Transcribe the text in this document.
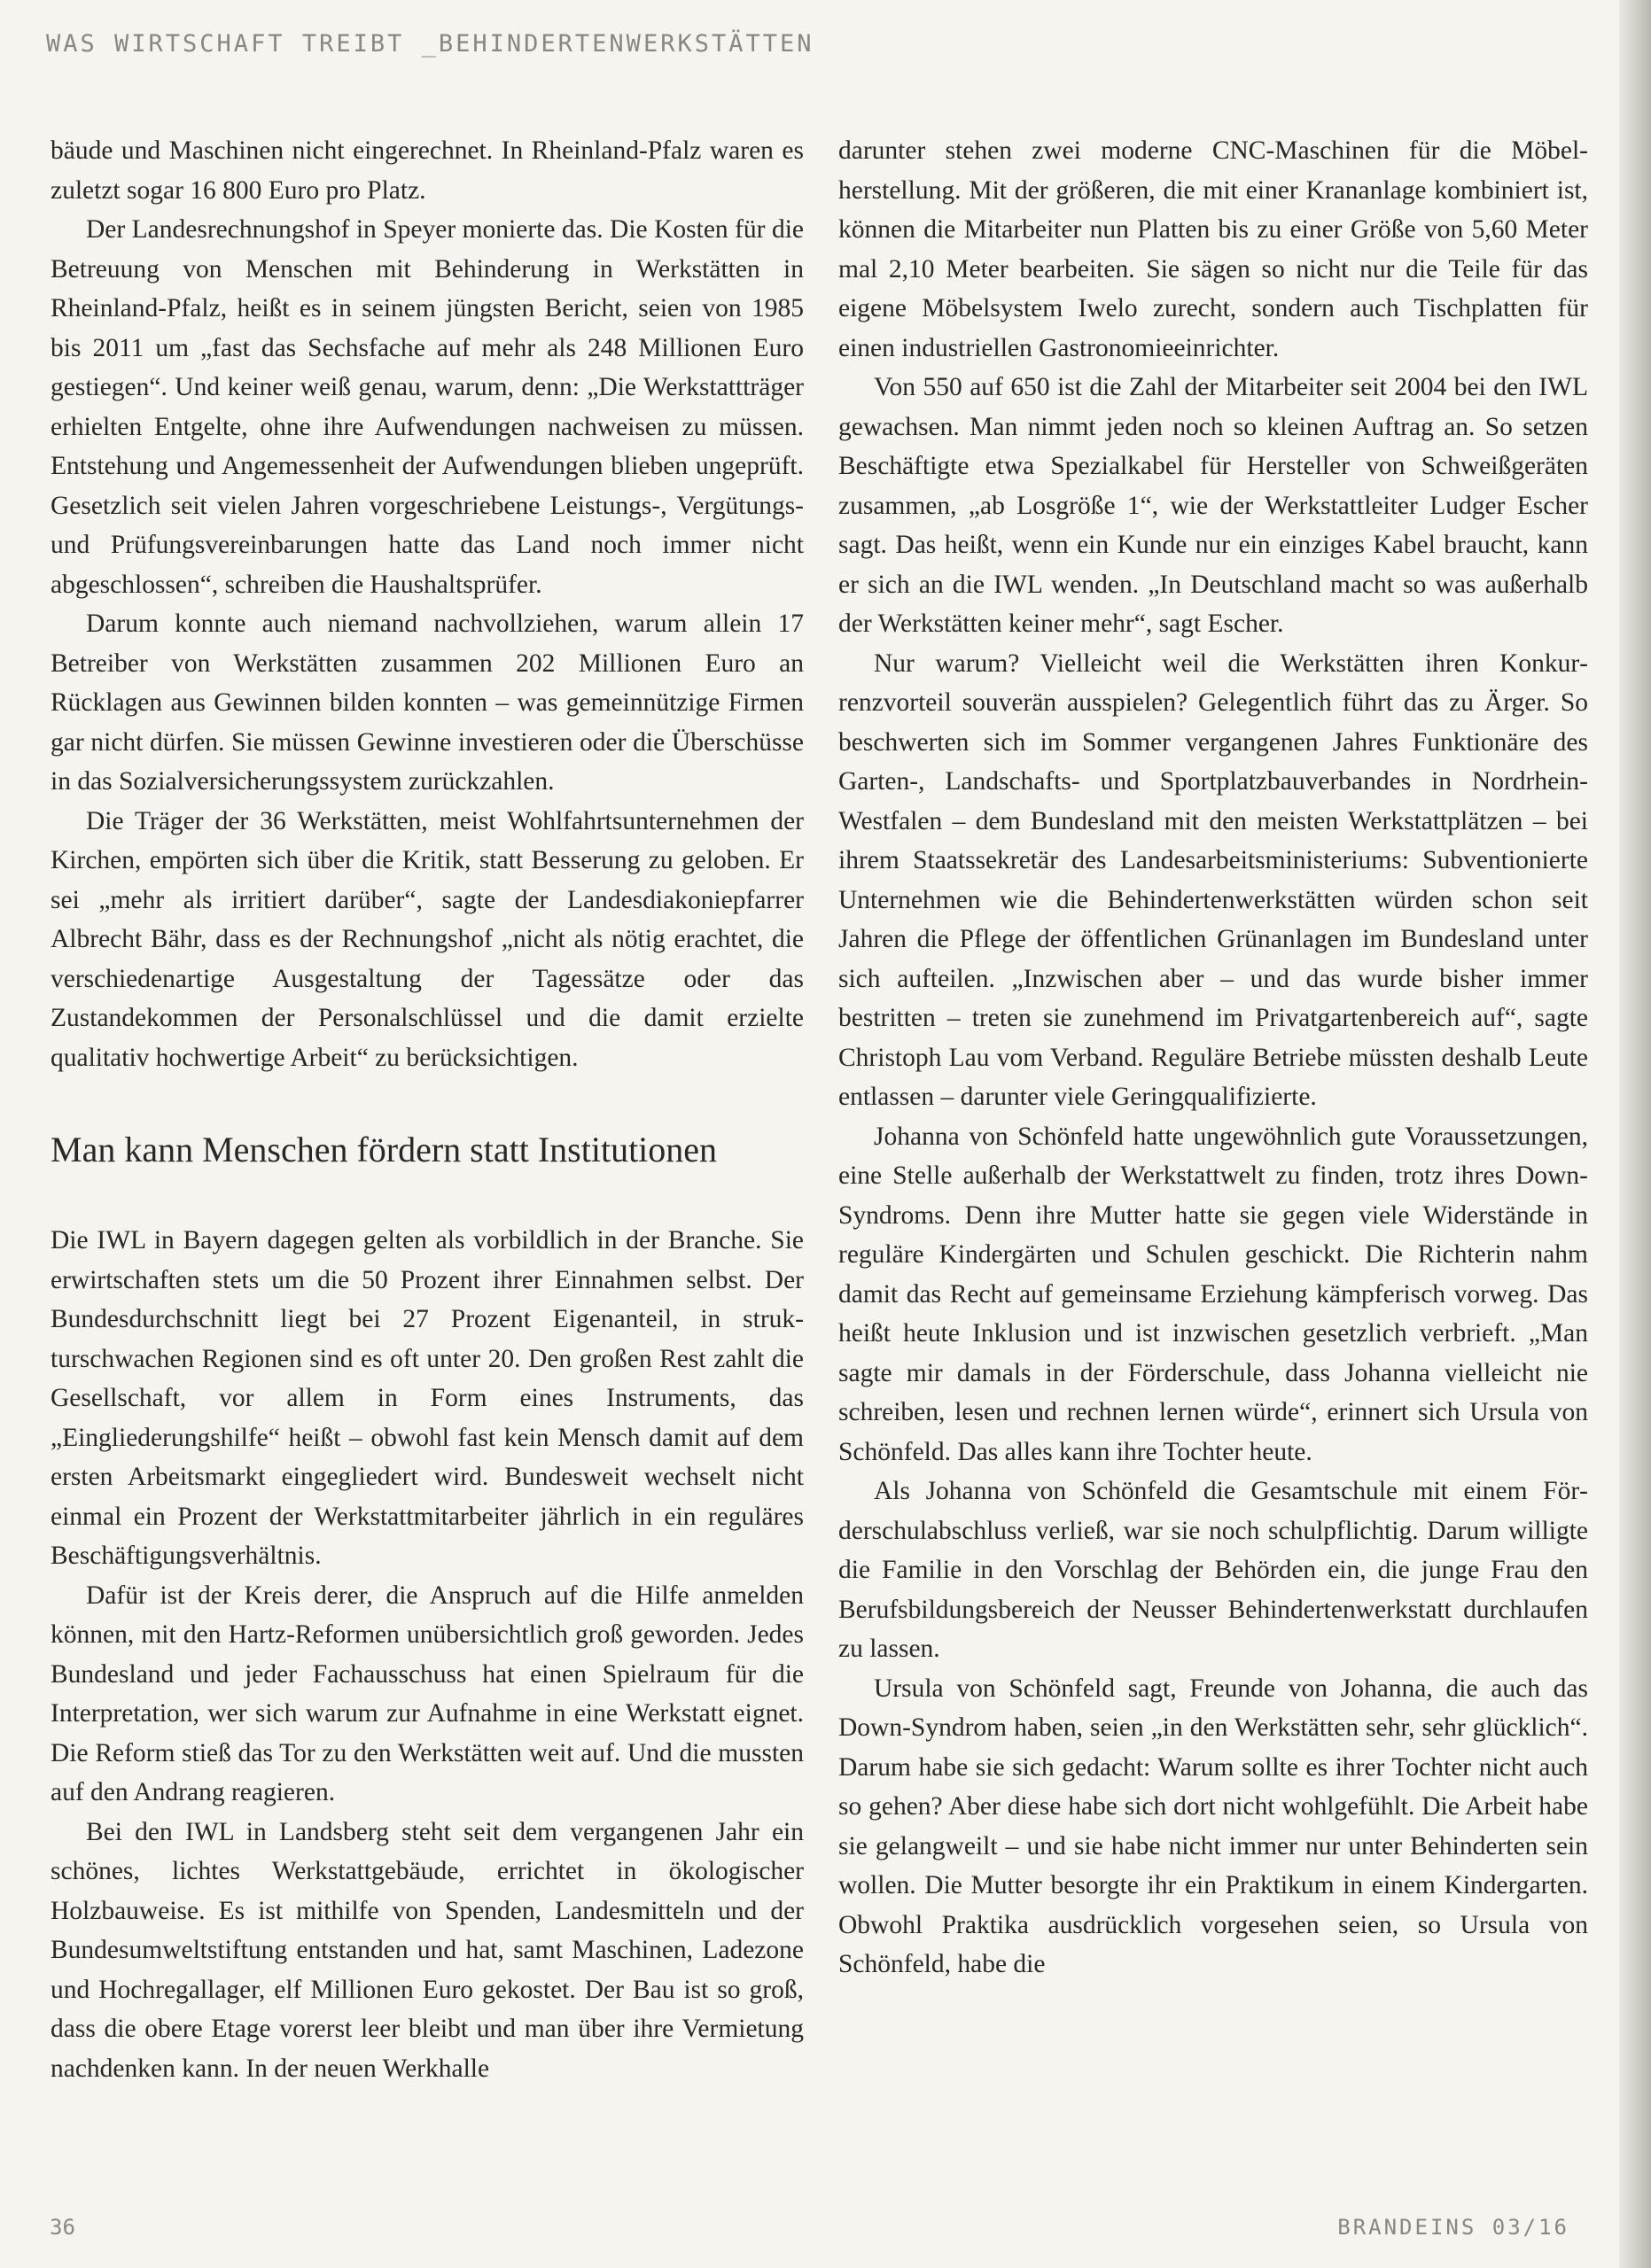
WAS WIRTSCHAFT TREIBT _BEHINDERTENWERKSTÄTTEN

bäude und Maschinen nicht eingerechnet. In Rheinland-Pfalz waren es zuletzt sogar 16 800 Euro pro Platz.

Der Landesrechnungshof in Speyer monierte das. Die Kosten für die Betreuung von Menschen mit Behinderung in Werkstätten in Rheinland-Pfalz, heißt es in seinem jüngsten Bericht, seien von 1985 bis 2011 um „fast das Sechsfache auf mehr als 248 Millionen Euro gestiegen“. Und keiner weiß genau, warum, denn: „Die Werkstattträger erhielten Entgelte, ohne ihre Aufwendungen nachweisen zu müssen. Entstehung und Angemessenheit der Aufwendungen blieben ungeprüft. Gesetzlich seit vielen Jahren vorgeschriebene Leistungs-, Vergütungs- und Prüfungsvereinbarungen hatte das Land noch immer nicht abgeschlossen“, schreiben die Haushaltsprüfer.

Darum konnte auch niemand nachvollziehen, warum allein 17 Betreiber von Werkstätten zusammen 202 Millionen Euro an Rücklagen aus Gewinnen bilden konnten – was gemeinnützige Firmen gar nicht dürfen. Sie müssen Gewinne investieren oder die Überschüsse in das Sozialversicherungssystem zurückzahlen.

Die Träger der 36 Werkstätten, meist Wohlfahrtsunternehmen der Kirchen, empörten sich über die Kritik, statt Besserung zu geloben. Er sei „mehr als irritiert darüber“, sagte der Landesdiakoniepfarrer Albrecht Bähr, dass es der Rechnungshof „nicht als nötig erachtet, die verschiedenartige Ausgestaltung der Tagessätze oder das Zustandekommen der Personalschlüssel und die damit erzielte qualitativ hochwertige Arbeit“ zu berücksichtigen.

Man kann Menschen fördern statt Institutionen

Die IWL in Bayern dagegen gelten als vorbildlich in der Branche. Sie erwirtschaften stets um die 50 Prozent ihrer Einnahmen selbst. Der Bundesdurchschnitt liegt bei 27 Prozent Eigenanteil, in strukturschwachen Regionen sind es oft unter 20. Den großen Rest zahlt die Gesellschaft, vor allem in Form eines Instruments, das „Eingliederungshilfe“ heißt – obwohl fast kein Mensch damit auf dem ersten Arbeitsmarkt eingegliedert wird. Bundesweit wechselt nicht einmal ein Prozent der Werkstattmitarbeiter jährlich in ein reguläres Beschäftigungsverhältnis.

Dafür ist der Kreis derer, die Anspruch auf die Hilfe anmelden können, mit den Hartz-Reformen unübersichtlich groß geworden. Jedes Bundesland und jeder Fachausschuss hat einen Spielraum für die Interpretation, wer sich warum zur Aufnahme in eine Werkstatt eignet. Die Reform stieß das Tor zu den Werkstätten weit auf. Und die mussten auf den Andrang reagieren.

Bei den IWL in Landsberg steht seit dem vergangenen Jahr ein schönes, lichtes Werkstattgebäude, errichtet in ökologischer Holzbauweise. Es ist mithilfe von Spenden, Landesmitteln und der Bundesumweltstiftung entstanden und hat, samt Maschinen, Ladezone und Hochregallager, elf Millionen Euro gekostet. Der Bau ist so groß, dass die obere Etage vorerst leer bleibt und man über ihre Vermietung nachdenken kann. In der neuen Werkhalle

darunter stehen zwei moderne CNC-Maschinen für die Möbelherstellung. Mit der größeren, die mit einer Krananlage kombiniert ist, können die Mitarbeiter nun Platten bis zu einer Größe von 5,60 Meter mal 2,10 Meter bearbeiten. Sie sägen so nicht nur die Teile für das eigene Möbelsystem Iwelo zurecht, sondern auch Tischplatten für einen industriellen Gastronomieeinrichter.

Von 550 auf 650 ist die Zahl der Mitarbeiter seit 2004 bei den IWL gewachsen. Man nimmt jeden noch so kleinen Auftrag an. So setzen Beschäftigte etwa Spezialkabel für Hersteller von Schweißgeräten zusammen, „ab Losgröße 1“, wie der Werkstattleiter Ludger Escher sagt. Das heißt, wenn ein Kunde nur ein einziges Kabel braucht, kann er sich an die IWL wenden. „In Deutschland macht so was außerhalb der Werkstätten keiner mehr“, sagt Escher.

Nur warum? Vielleicht weil die Werkstätten ihren Konkurrenzvorteil souverän ausspielen? Gelegentlich führt das zu Ärger. So beschwerten sich im Sommer vergangenen Jahres Funktionäre des Garten-, Landschafts- und Sportplatzbauverbandes in Nordrhein-Westfalen – dem Bundesland mit den meisten Werkstattplätzen – bei ihrem Staatssekretär des Landesarbeitsministeriums: Subventionierte Unternehmen wie die Behindertenwerkstätten würden schon seit Jahren die Pflege der öffentlichen Grünanlagen im Bundesland unter sich aufteilen. „Inzwischen aber – und das wurde bisher immer bestritten – treten sie zunehmend im Privatgartenbereich auf“, sagte Christoph Lau vom Verband. Reguläre Betriebe müssten deshalb Leute entlassen – darunter viele Geringqualifizierte.

Johanna von Schönfeld hatte ungewöhnlich gute Voraussetzungen, eine Stelle außerhalb der Werkstattwelt zu finden, trotz ihres Down-Syndroms. Denn ihre Mutter hatte sie gegen viele Widerstände in reguläre Kindergärten und Schulen geschickt. Die Richterin nahm damit das Recht auf gemeinsame Erziehung kämpferisch vorweg. Das heißt heute Inklusion und ist inzwischen gesetzlich verbrieft. „Man sagte mir damals in der Förderschule, dass Johanna vielleicht nie schreiben, lesen und rechnen lernen würde“, erinnert sich Ursula von Schönfeld. Das alles kann ihre Tochter heute.

Als Johanna von Schönfeld die Gesamtschule mit einem Förderschulabschluss verließ, war sie noch schulpflichtig. Darum willigte die Familie in den Vorschlag der Behörden ein, die junge Frau den Berufsbildungsbereich der Neusser Behindertenwerkstatt durchlaufen zu lassen.

Ursula von Schönfeld sagt, Freunde von Johanna, die auch das Down-Syndrom haben, seien „in den Werkstätten sehr, sehr glücklich“. Darum habe sie sich gedacht: Warum sollte es ihrer Tochter nicht auch so gehen? Aber diese habe sich dort nicht wohlgefühlt. Die Arbeit habe sie gelangweilt – und sie habe nicht immer nur unter Behinderten sein wollen. Die Mutter besorgte ihr ein Praktikum in einem Kindergarten. Obwohl Praktika ausdrücklich vorgesehen seien, so Ursula von Schönfeld, habe die

36	BRANDEINS 03/16
